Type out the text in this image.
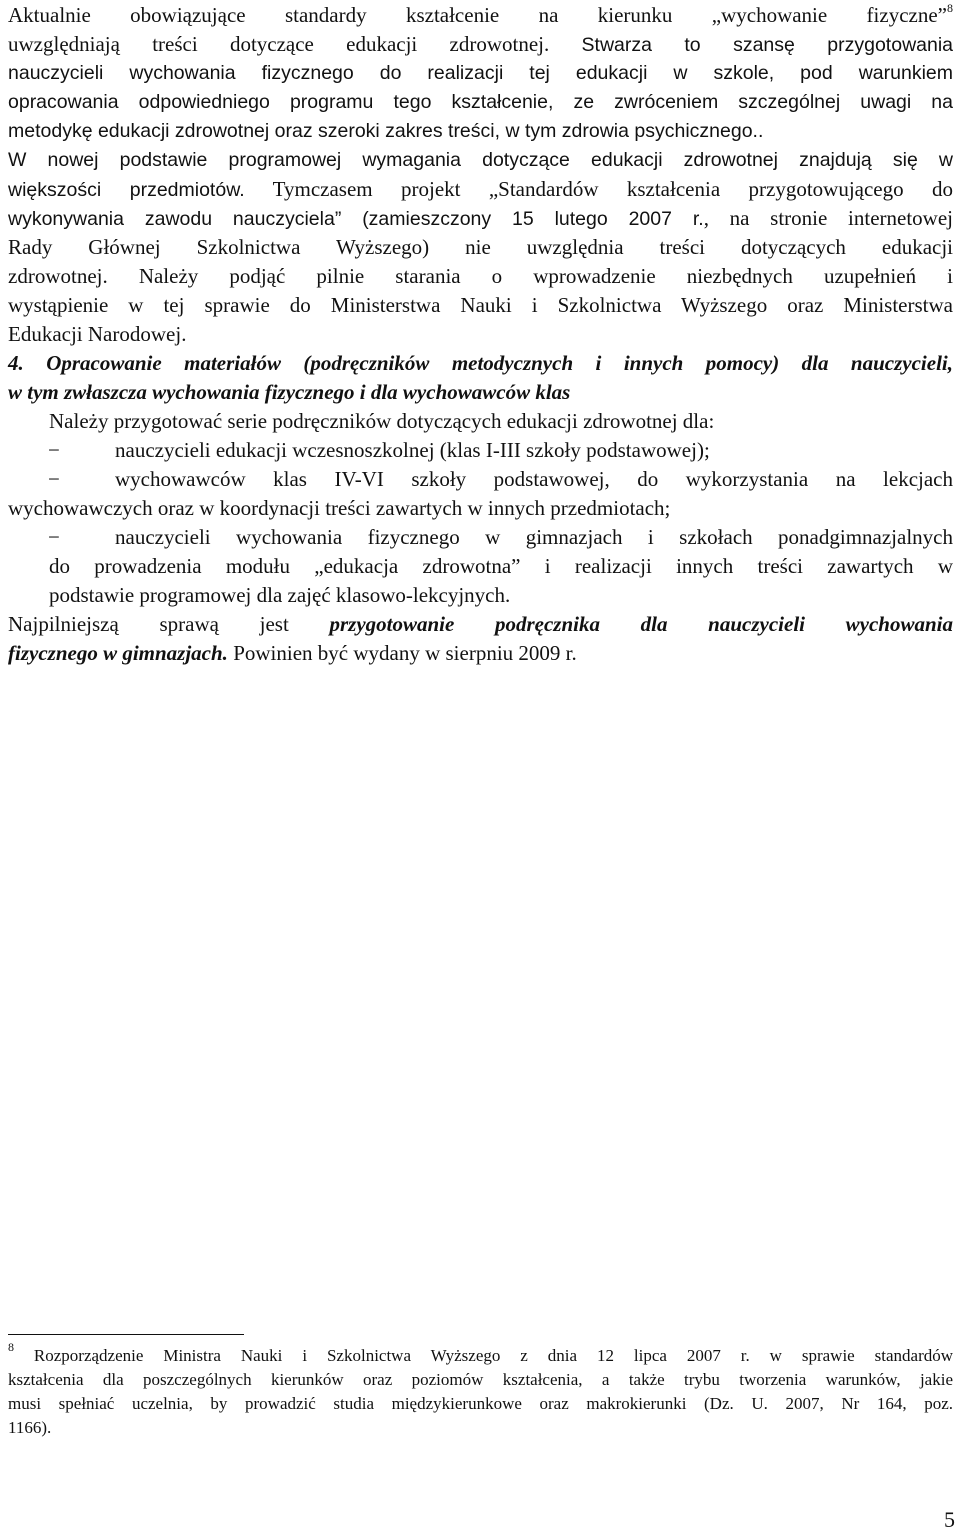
Aktualnie obowiązujące standardy kształcenie na kierunku „wychowanie fizyczne”$^8$
uwzględniają treści dotyczące edukacji zdrowotnej. Stwarza to szansę przygotowania
nauczycieli wychowania fizycznego do realizacji tej edukacji w szkole, pod warunkiem
opracowania odpowiedniego programu tego kształcenie, ze zwróceniem szczególnej uwagi na
metodykę edukacji zdrowotnej oraz szeroki zakres treści, w tym zdrowia psychicznego..
W nowej podstawie programowej wymagania dotyczące edukacji zdrowotnej znajdują się w
większości przedmiotów. Tymczasem projekt „Standardów kształcenia przygotowującego do
wykonywania zawodu nauczyciela” (zamieszczony 15 lutego 2007 r., na stronie internetowej
Rady Głównej Szkolnictwa Wyższego) nie uwzględnia treści dotyczących edukacji
zdrowotnej. Należy podjąć pilnie starania o wprowadzenie niezbędnych uzupełnień i
wystąpienie w tej sprawie do Ministerstwa Nauki i Szkolnictwa Wyższego oraz Ministerstwa
Edukacji Narodowej.
4. Opracowanie materiałów (podręczników metodycznych i innych pomocy) dla nauczycieli,
w tym zwłaszcza wychowania fizycznego i dla wychowawców klas
Należy przygotować serie podręczników dotyczących edukacji zdrowotnej dla:
−	nauczycieli edukacji wczesnoszkolnej (klas I-III szkoły podstawowej);
−	wychowawców klas IV-VI szkoły podstawowej, do wykorzystania na lekcjach
wychowawczych oraz w koordynacji treści zawartych w innych przedmiotach;
−	nauczycieli wychowania fizycznego w gimnazjach i szkołach ponadgimnazjalnych
do prowadzenia modułu „edukacja zdrowotna” i realizacji innych treści zawartych w
podstawie programowej dla zajęć klasowo-lekcyjnych.
Najpilniejszą sprawą jest przygotowanie podręcznika dla nauczycieli wychowania
fizycznego w gimnazjach. Powinien być wydany w sierpniu 2009 r.
$^8$ Rozporządzenie Ministra Nauki i Szkolnictwa Wyższego z dnia 12 lipca 2007 r. w sprawie standardów
kształcenia dla poszczególnych kierunków oraz poziomów kształcenia, a także trybu tworzenia warunków, jakie
musi spełniać uczelnia, by prowadzić studia międzykierunkowe oraz makrokierunki (Dz. U. 2007, Nr 164, poz.
1166).
5
